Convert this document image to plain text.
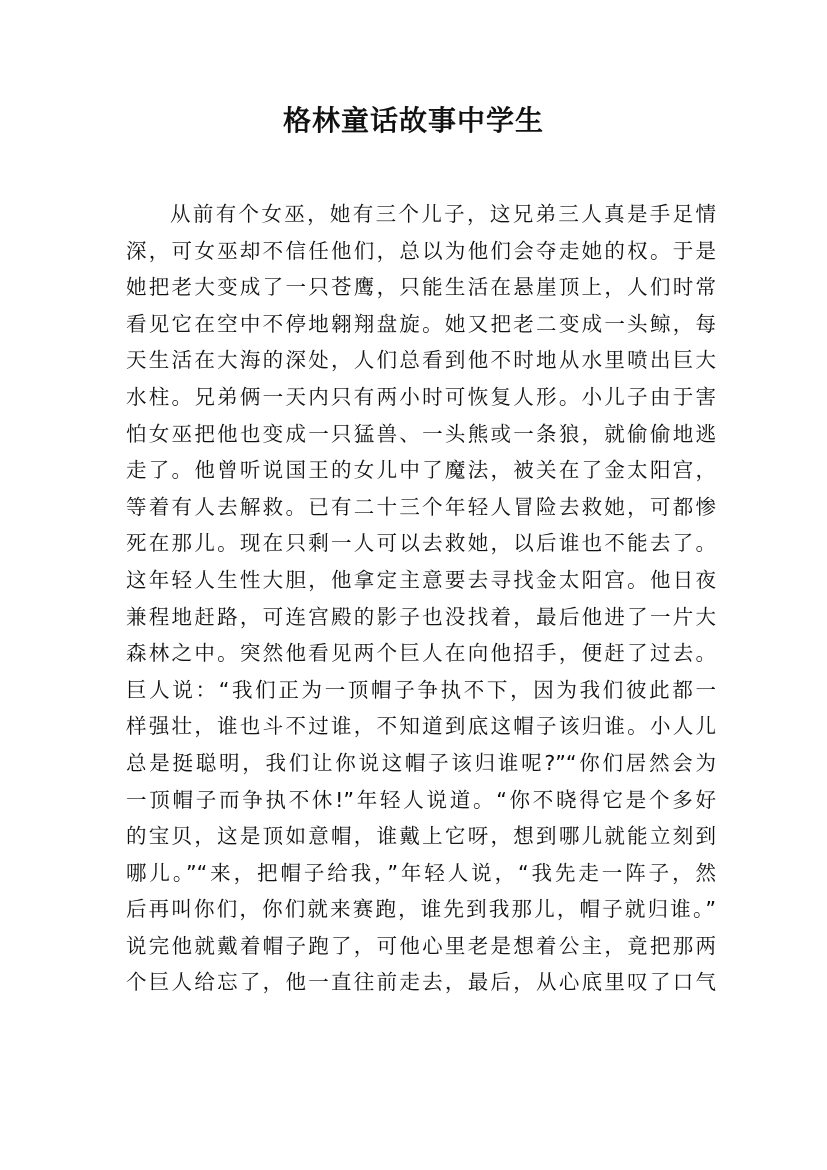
格林童话故事中学生
从前有个女巫，她有三个儿子，这兄弟三人真是手足情
深，可女巫却不信任他们，总以为他们会夺走她的权。于是
她把老大变成了一只苍鹰，只能生活在悬崖顶上，人们时常
看见它在空中不停地翱翔盘旋。她又把老二变成一头鲸，每
天生活在大海的深处，人们总看到他不时地从水里喷出巨大
水柱。兄弟俩一天内只有两小时可恢复人形。小儿子由于害
怕女巫把他也变成一只猛兽、一头熊或一条狼，就偷偷地逃
走了。他曾听说国王的女儿中了魔法，被关在了金太阳宫，
等着有人去解救。已有二十三个年轻人冒险去救她，可都惨
死在那儿。现在只剩一人可以去救她，以后谁也不能去了。
这年轻人生性大胆，他拿定主意要去寻找金太阳宫。他日夜
兼程地赶路，可连宫殿的影子也没找着，最后他进了一片大
森林之中。突然他看见两个巨人在向他招手，便赶了过去。
巨人说：“我们正为一顶帽子争执不下，因为我们彼此都一
样强壮，谁也斗不过谁，不知道到底这帽子该归谁。小人儿
总是挺聪明，我们让你说这帽子该归谁呢?”“你们居然会为
一顶帽子而争执不休!”年轻人说道。“你不晓得它是个多好
的宝贝，这是顶如意帽，谁戴上它呀，想到哪儿就能立刻到
哪儿。”“来，把帽子给我，”年轻人说，“我先走一阵子，然
后再叫你们，你们就来赛跑，谁先到我那儿，帽子就归谁。”
说完他就戴着帽子跑了，可他心里老是想着公主，竟把那两
个巨人给忘了，他一直往前走去，最后，从心底里叹了口气
